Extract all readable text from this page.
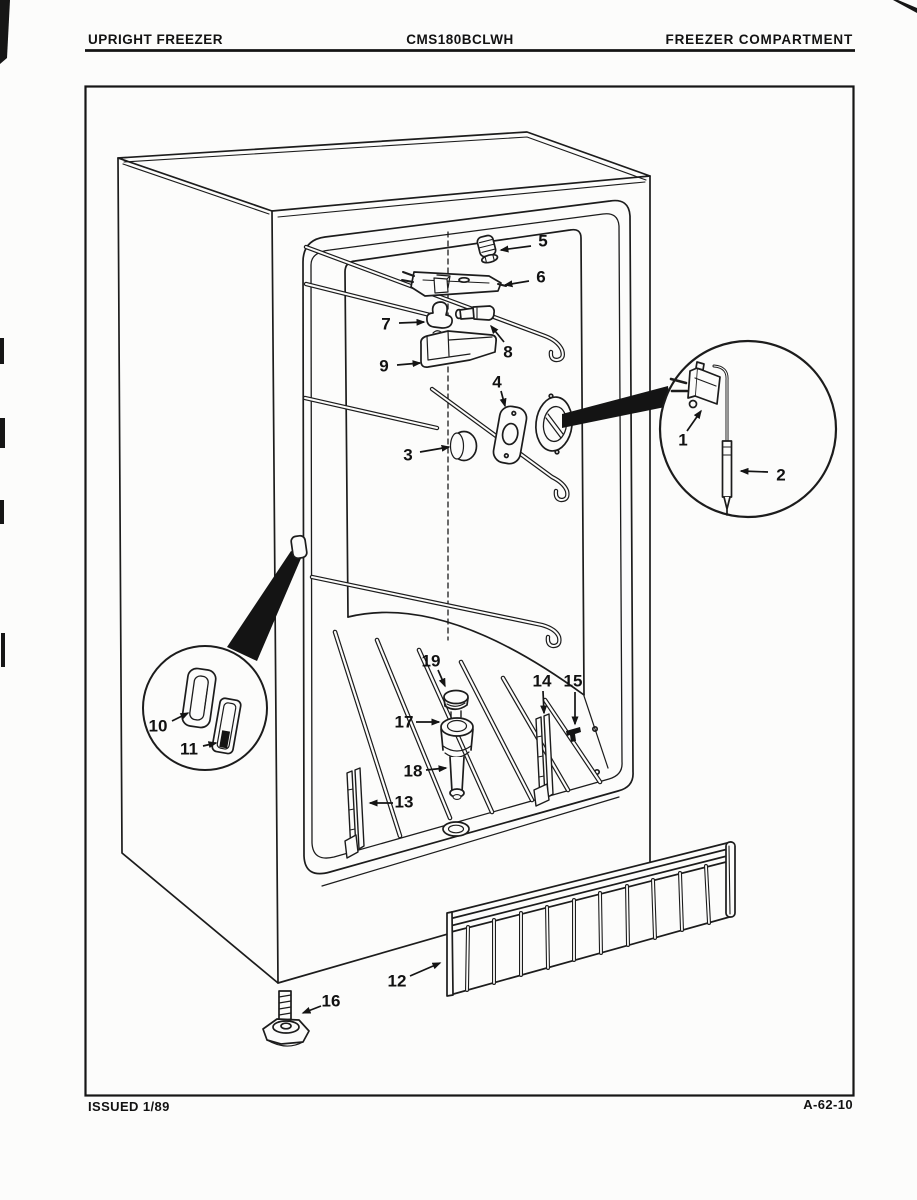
UPRIGHT FREEZER	CMS180BCLWH	FREEZER COMPARTMENT
ISSUED 1/89	A-62-10
1
2
3
4
5
6
7
8
9
10
11
12
13
14 15
16
17
18
19
